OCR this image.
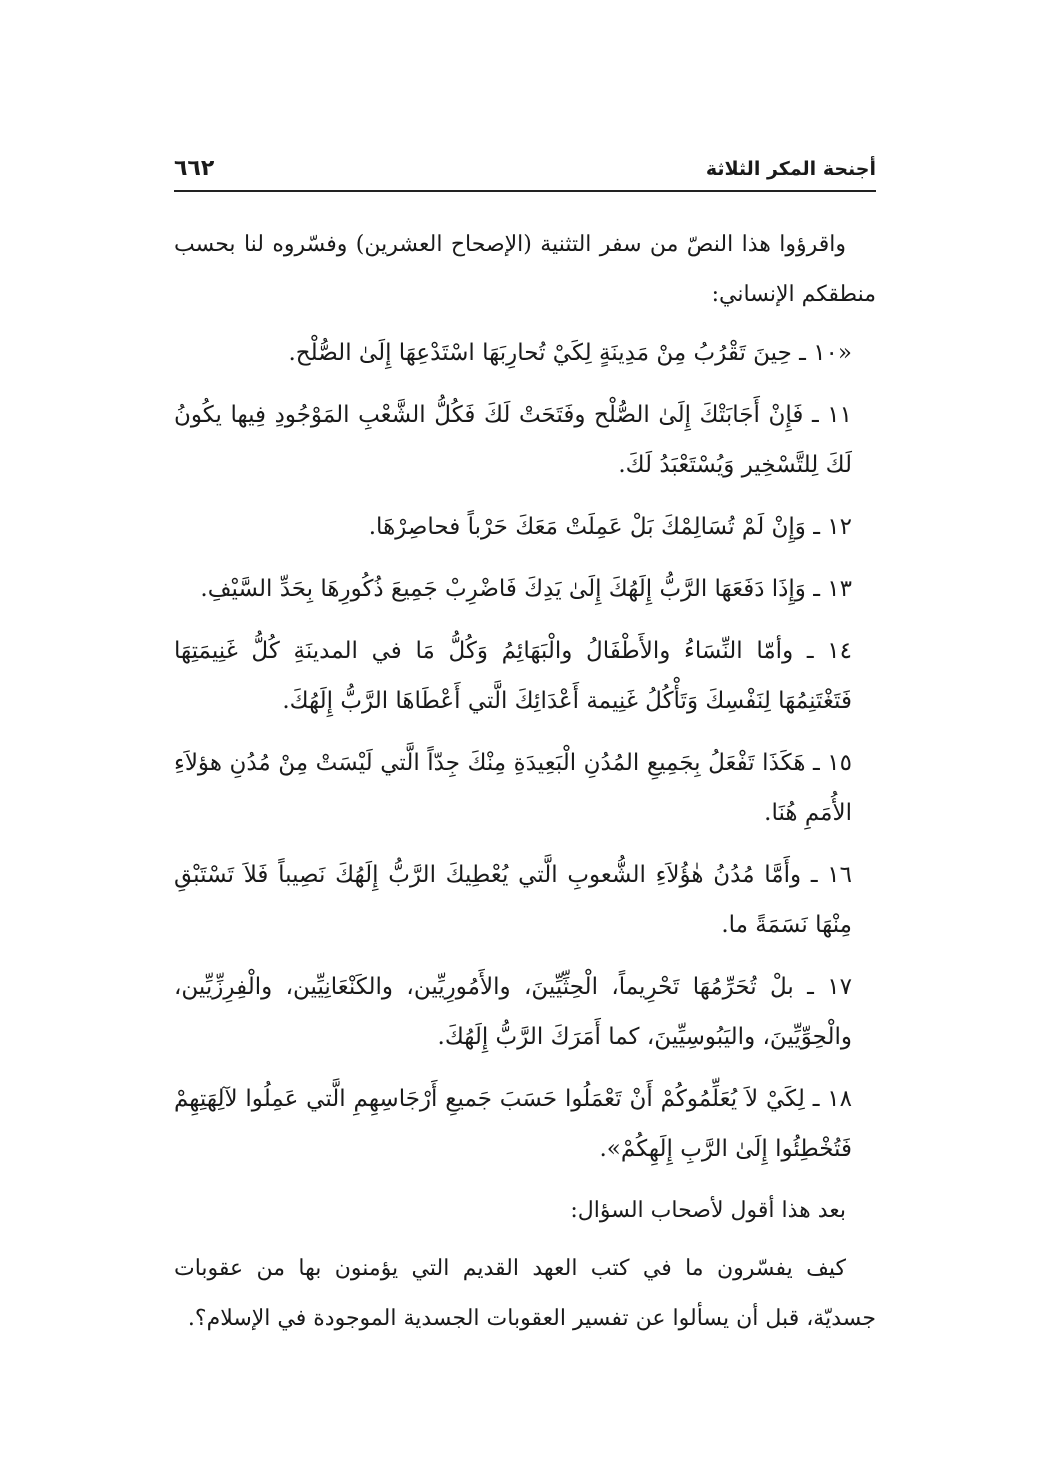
أجنحة المكر الثلاثة
٦٦٢

واقرؤوا هذا النصّ من سفر التثنية (الإصحاح العشرين) وفسّروه لنا بحسب منطقكم الإنساني:

«١٠ ـ حِينَ تَقْرُبُ مِنْ مَدِينَةٍ لِكَيْ تُحارِبَهَا اسْتَدْعِهَا إِلَىٰ الصُّلْح.

١١ ـ فَإِنْ أَجَابَتْكَ إِلَىٰ الصُّلْح وفَتَحَتْ لَكَ فَكُلُّ الشَّعْبِ المَوْجُودِ فِيها يكُونُ لَكَ لِلتَّسْخِير وَيُسْتَعْبَدُ لَكَ.

١٢ ـ وَإِنْ لَمْ تُسَالِمْكَ بَلْ عَمِلَتْ مَعَكَ حَرْباً فحاصِرْهَا.

١٣ ـ وَإِذَا دَفَعَهَا الرَّبُّ إِلَهُكَ إِلَىٰ يَدِكَ فَاضْرِبْ جَمِيعَ ذُكُورِهَا بِحَدِّ السَّيْفِ.

١٤ ـ وأمّا النِّسَاءُ والأَطْفَالُ والْبَهَائِمُ وَكُلُّ مَا في المدينَةِ كُلُّ غَنِيمَتِهَا فَتَغْتَنِمُهَا لِنَفْسِكَ وَتَأْكُلُ غَنِيمة أَعْدَائِكَ الَّتي أَعْطَاهَا الرَّبُّ إِلَهُكَ.

١٥ ـ هَكَذَا تَفْعَلُ بِجَمِيعِ المُدُنِ الْبَعِيدَةِ مِنْكَ جِدّاً الَّتي لَيْسَتْ مِنْ مُدُنِ هؤلاَءِ الأُمَمِ هُنَا.

١٦ ـ وأَمَّا مُدُنُ هٰؤُلاَءِ الشُّعوبِ الَّتي يُعْطِيكَ الرَّبُّ إِلَهُكَ نَصِيباً فَلاَ تَسْتَبْقِ مِنْهَا نَسَمَةً ما.

١٧ ـ بلْ تُحَرِّمُهَا تَحْرِيماً، الْحِثِّيِّينَ، والأَمُورِيِّين، والكَنْعَانِيِّين، والْفِرِزِّيِّين، والْحِوِّيِّينَ، واليَبُوسِيِّينَ، كما أَمَرَكَ الرَّبُّ إِلَهُكَ.

١٨ ـ لِكَيْ لاَ يُعَلِّمُوكُمْ أَنْ تَعْمَلُوا حَسَبَ جَميعِ أَرْجَاسِهِمِ الَّتي عَمِلُوا لآلِهَتِهِمْ فَتُخْطِئُوا إِلَىٰ الرَّبِ إِلَهِكُمْ».

بعد هذا أقول لأصحاب السؤال:

كيف يفسّرون ما في كتب العهد القديم التي يؤمنون بها من عقوبات جسديّة، قبل أن يسألوا عن تفسير العقوبات الجسدية الموجودة في الإسلام؟.
